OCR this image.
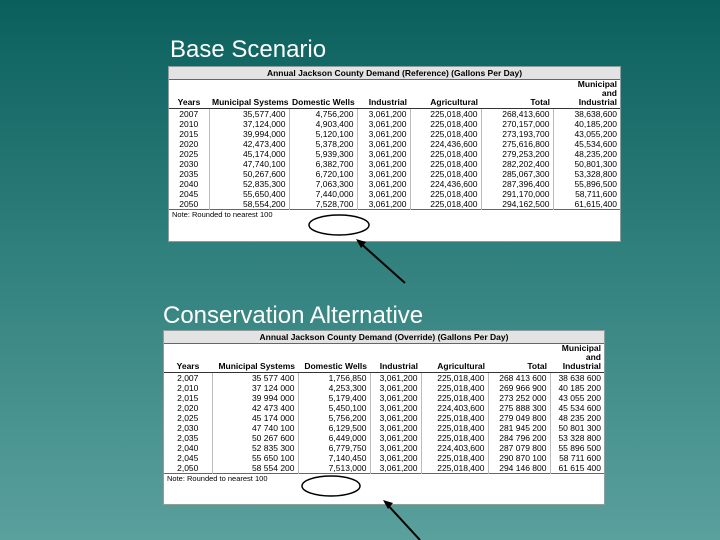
Base Scenario
Annual Jackson County Demand (Reference) (Gallons Per Day)						
						Municipal
						and
Years	Municipal Systems	Domestic Wells	Industrial	Agricultural	Total	Industrial
2007	35,577,400	4,756,200	3,061,200	225,018,400	268,413,600	38,638,600
2010	37,124,000	4,903,400	3,061,200	225,018,400	270,157,000	40,185,200
2015	39,994,000	5,120,100	3,061,200	225,018,400	273,193,700	43,055,200
2020	42,473,400	5,378,200	3,061,200	224,436,600	275,616,800	45,534,600
2025	45,174,000	5,939,300	3,061,200	225,018,400	279,253,200	48,235,200
2030	47,740,100	6,382,700	3,061,200	225,018,400	282,202,400	50,801,300
2035	50,267,600	6,720,100	3,061,200	225,018,400	285,067,300	53,328,800
2040	52,835,300	7,063,300	3,061,200	224,436,600	287,396,400	55,896,500
2045	55,650,400	7,440,000	3,061,200	225,018,400	291,170,000	58,711,600
2050	58,554,200	7,528,700	3,061,200	225,018,400	294,162,500	61,615,400
Note: Rounded to nearest 100						
Conservation Alternative
Annual Jackson County Demand (Override) (Gallons Per Day)						
						Municipal
						and
Years	Municipal Systems	Domestic Wells	Industrial	Agricultural	Total	Industrial
2,007	35 577 400	1,756,850	3,061,200	225,018,400	268 413 600	38 638 600
2,010	37 124 000	4,253,300	3,061,200	225,018,400	269 966 900	40 185 200
2,015	39 994 000	5,179,400	3,061,200	225,018,400	273 252 000	43 055 200
2,020	42 473 400	5,450,100	3,061,200	224,403,600	275 888 300	45 534 600
2,025	45 174 000	5,756,200	3,061,200	225,018,400	279 049 800	48 235 200
2,030	47 740 100	6,129,500	3,061,200	225,018,400	281 945 200	50 801 300
2,035	50 267 600	6,449,000	3,061,200	225,018,400	284 796 200	53 328 800
2,040	52 835 300	6,779,750	3,061,200	224,403,600	287 079 800	55 896 500
2,045	55 650 100	7,140,450	3,061,200	225,018,400	290 870 100	58 711 600
2,050	58 554 200	7,513,000	3,061,200	225,018,400	294 146 800	61 615 400
Note: Rounded to nearest 100						
